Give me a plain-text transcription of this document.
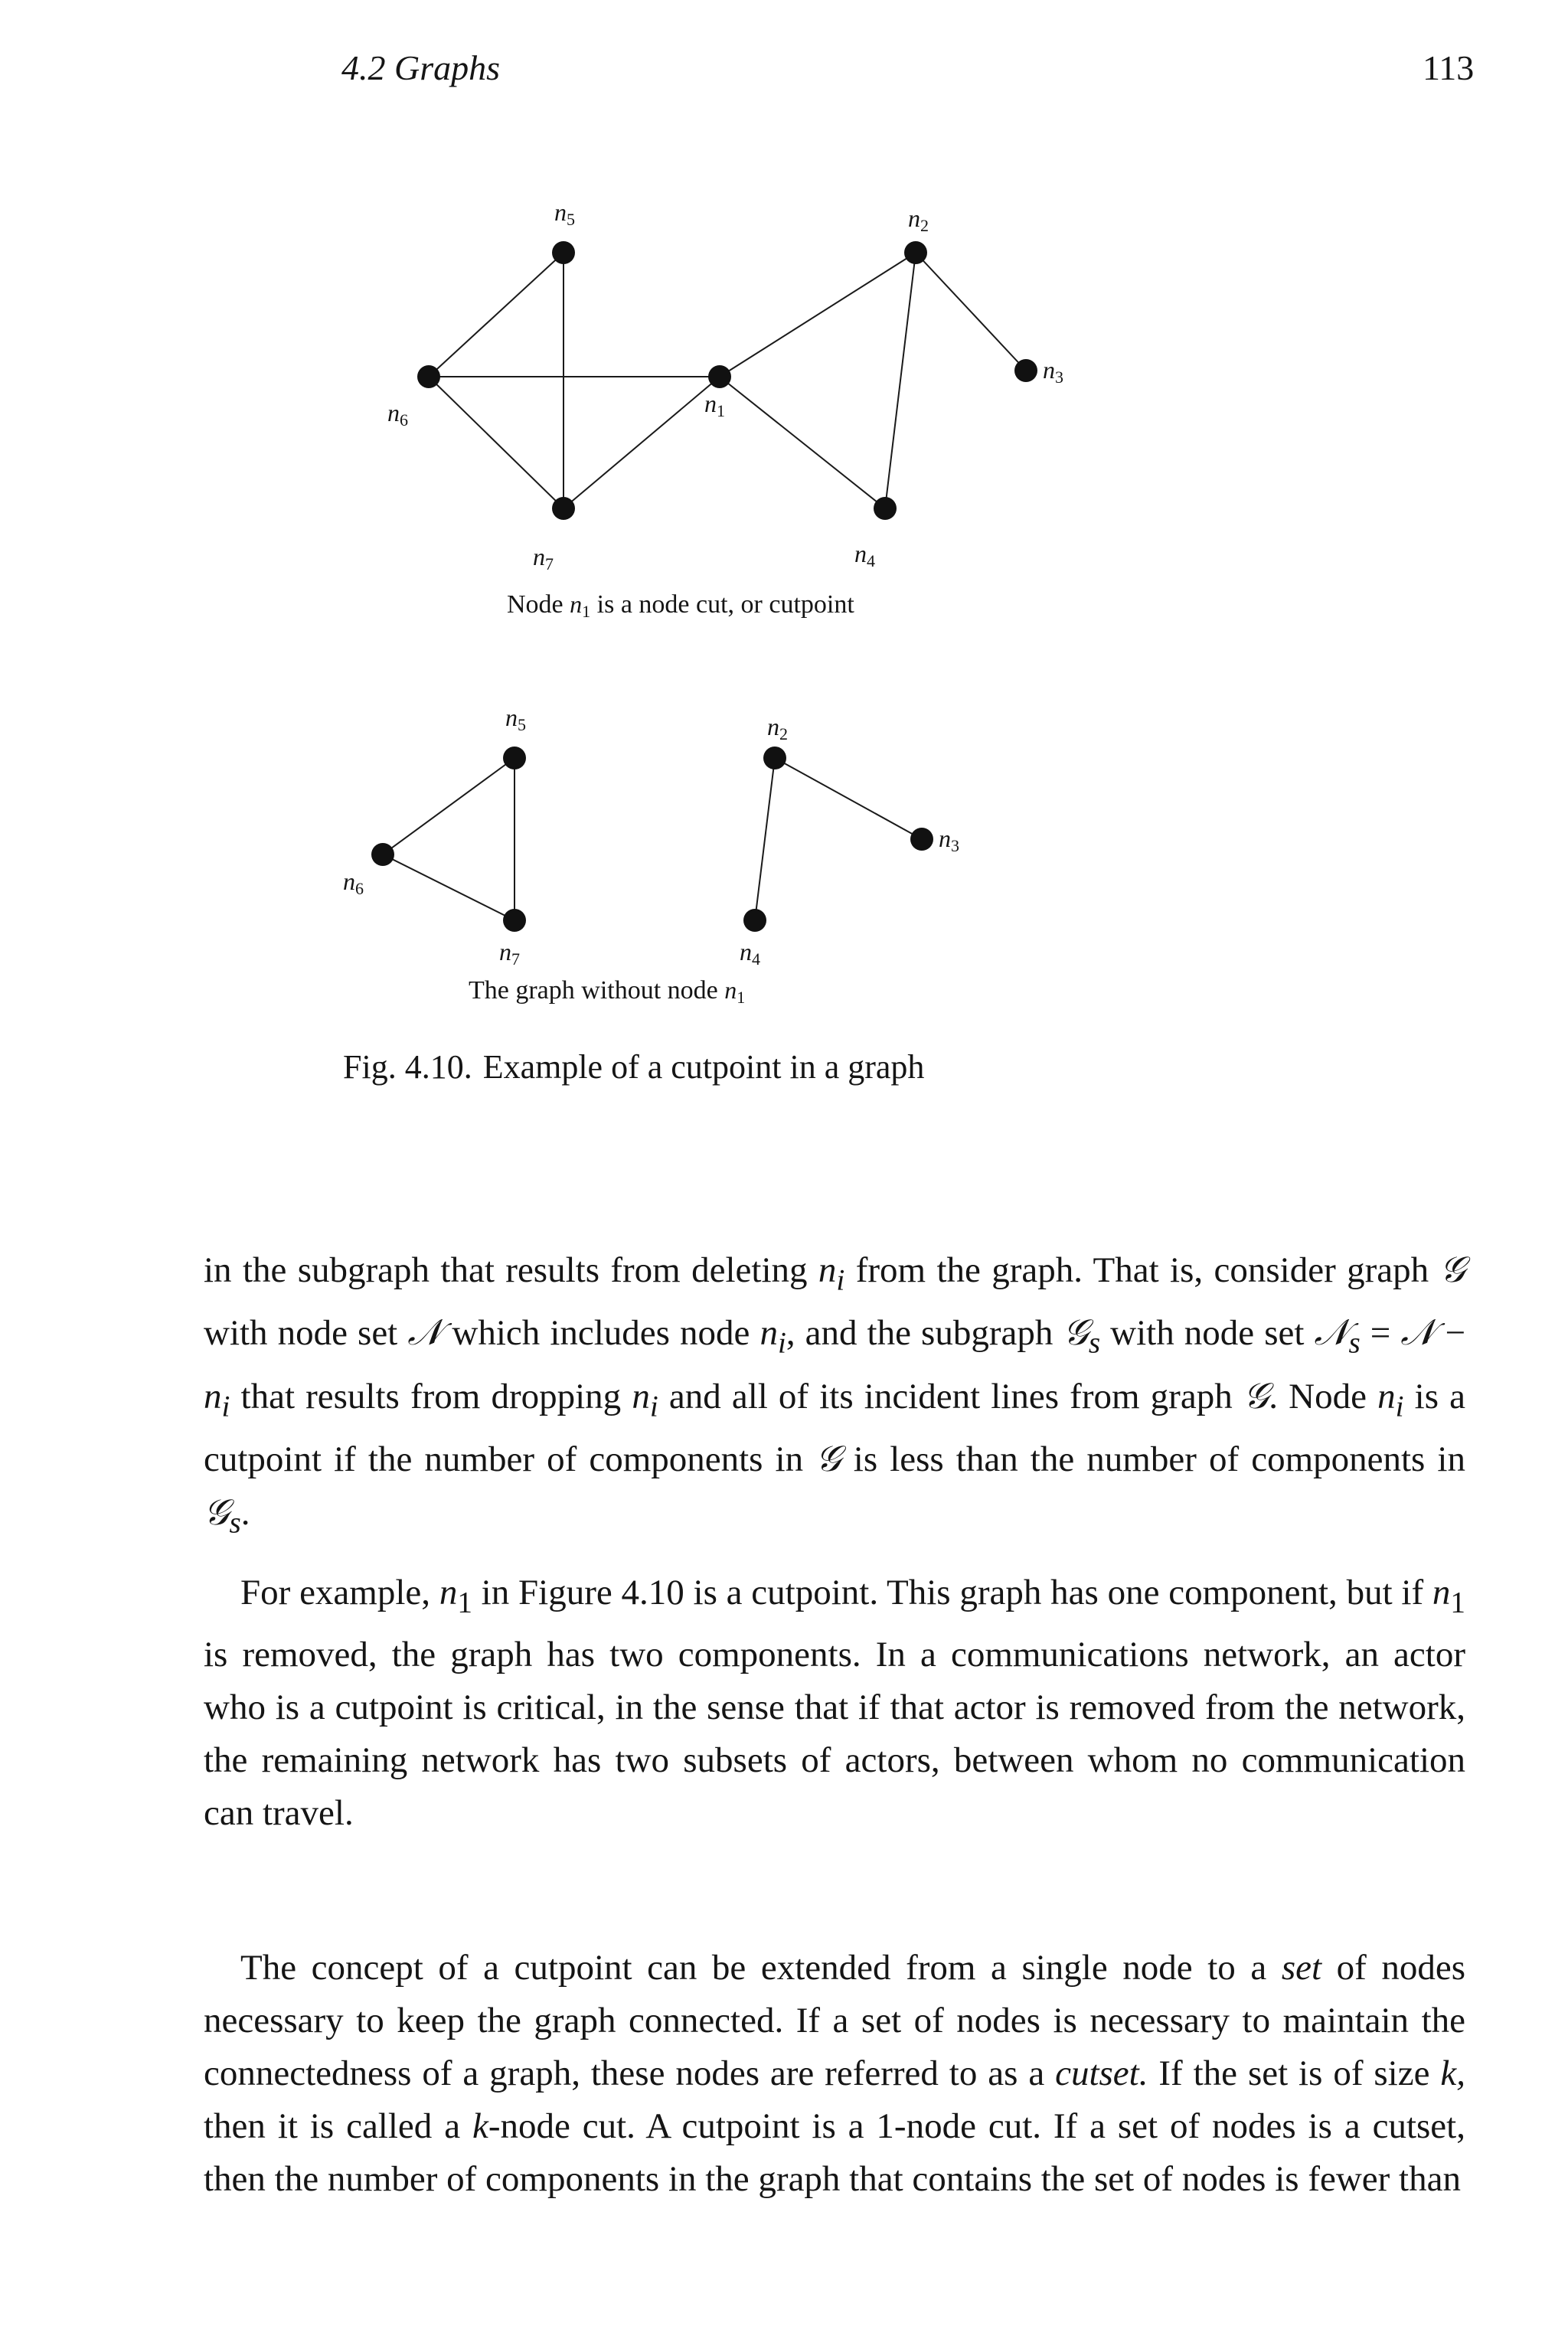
4.2 Graphs	113
n5	n2
n3
n6
n1
n7	n4
Node n1 is a node cut, or cutpoint
n5	n2
n3
n6
n7	n4
The graph without node n1
Fig. 4.10. Example of a cutpoint in a graph

in the subgraph that results from deleting $n_i$ from the graph. That is, consider graph 𝒢 with node set 𝒩 which includes node $n_i$, and the subgraph 𝒢$_s$ with node set 𝒩$_s$ = 𝒩 − $n_i$ that results from dropping $n_i$ and all of its incident lines from graph 𝒢. Node $n_i$ is a cutpoint if the number of components in 𝒢 is less than the number of components in 𝒢$_s$.

For example, $n_1$ in Figure 4.10 is a cutpoint. This graph has one component, but if $n_1$ is removed, the graph has two components. In a communications network, an actor who is a cutpoint is critical, in the sense that if that actor is removed from the network, the remaining network has two subsets of actors, between whom no communication can travel.

The concept of a cutpoint can be extended from a single node to a set of nodes necessary to keep the graph connected. If a set of nodes is necessary to maintain the connectedness of a graph, these nodes are referred to as a cutset. If the set is of size k, then it is called a k-node cut. A cutpoint is a 1-node cut. If a set of nodes is a cutset, then the number of components in the graph that contains the set of nodes is fewer than
